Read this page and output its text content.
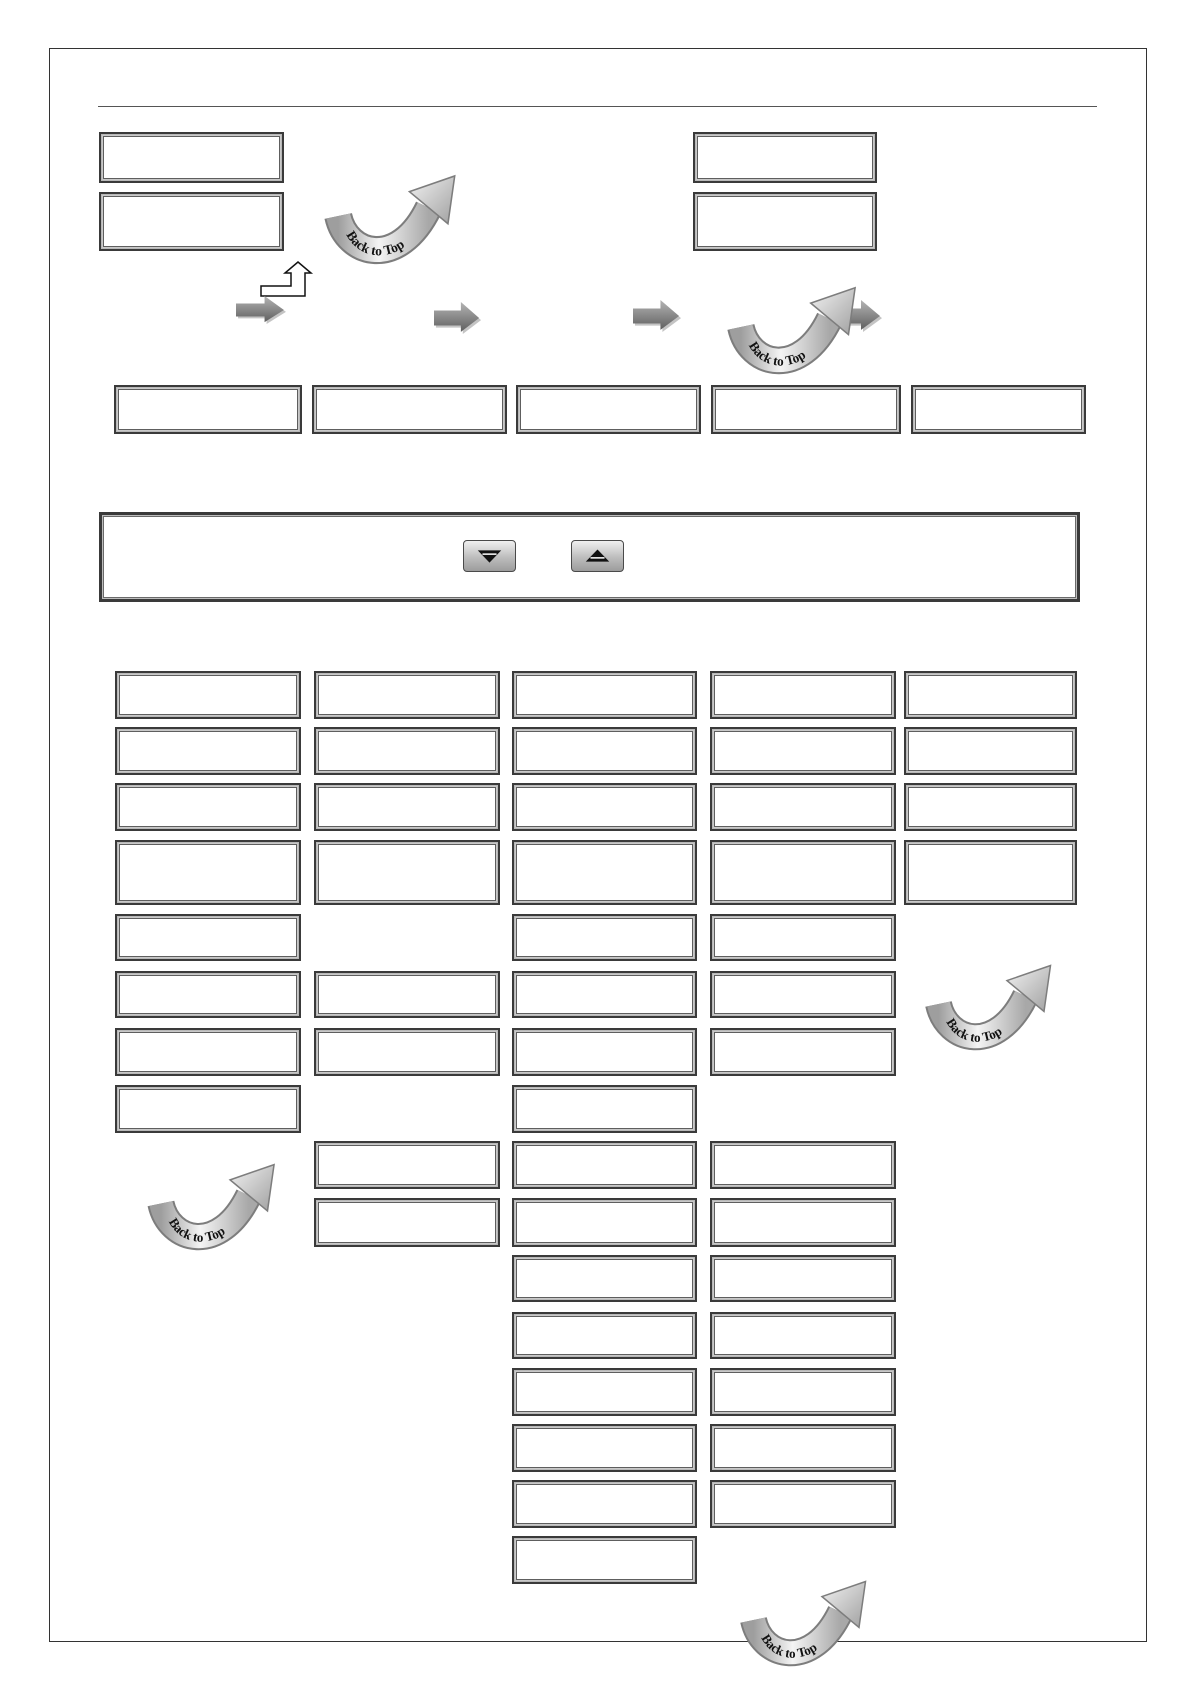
Back to Top
Back to Top
Back to Top
Back to Top
Back to Top
